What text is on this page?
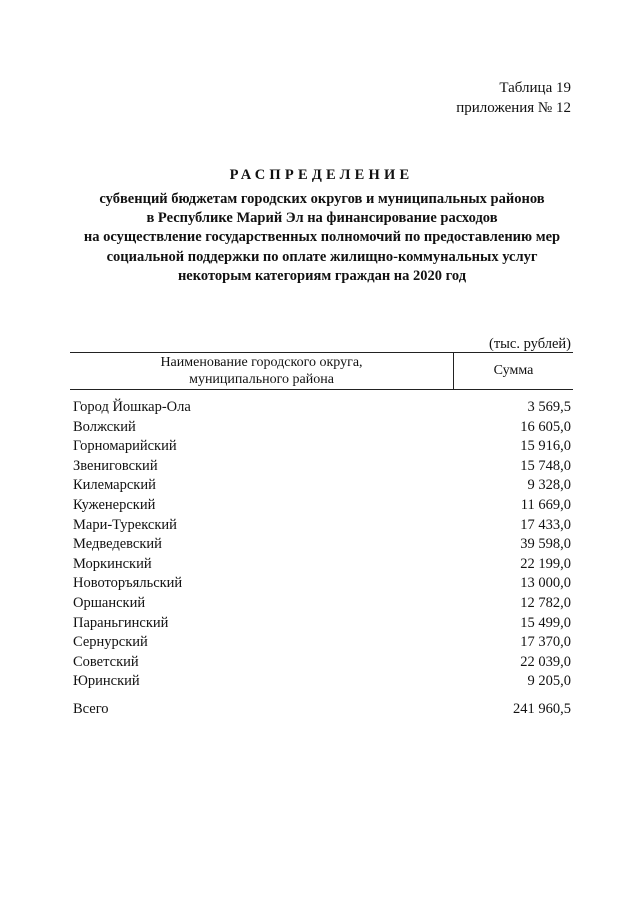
Таблица 19
приложения № 12
РАСПРЕДЕЛЕНИЕ
субвенций бюджетам городских округов и муниципальных районов
в Республике Марий Эл на финансирование расходов
на осуществление государственных полномочий по предоставлению мер
социальной поддержки по оплате жилищно-коммунальных услуг
некоторым категориям граждан на 2020 год
(тыс. рублей)
Наименование городского округа,
муниципального района
Сумма
Город Йошкар-Ола	3 569,5
Волжский	16 605,0
Горномарийский	15 916,0
Звениговский	15 748,0
Килемарский	9 328,0
Куженерский	11 669,0
Мари-Турекский	17 433,0
Медведевский	39 598,0
Моркинский	22 199,0
Новоторъяльский	13 000,0
Оршанский	12 782,0
Параньгинский	15 499,0
Сернурский	17 370,0
Советский	22 039,0
Юринский	9 205,0
Всего	241 960,5
